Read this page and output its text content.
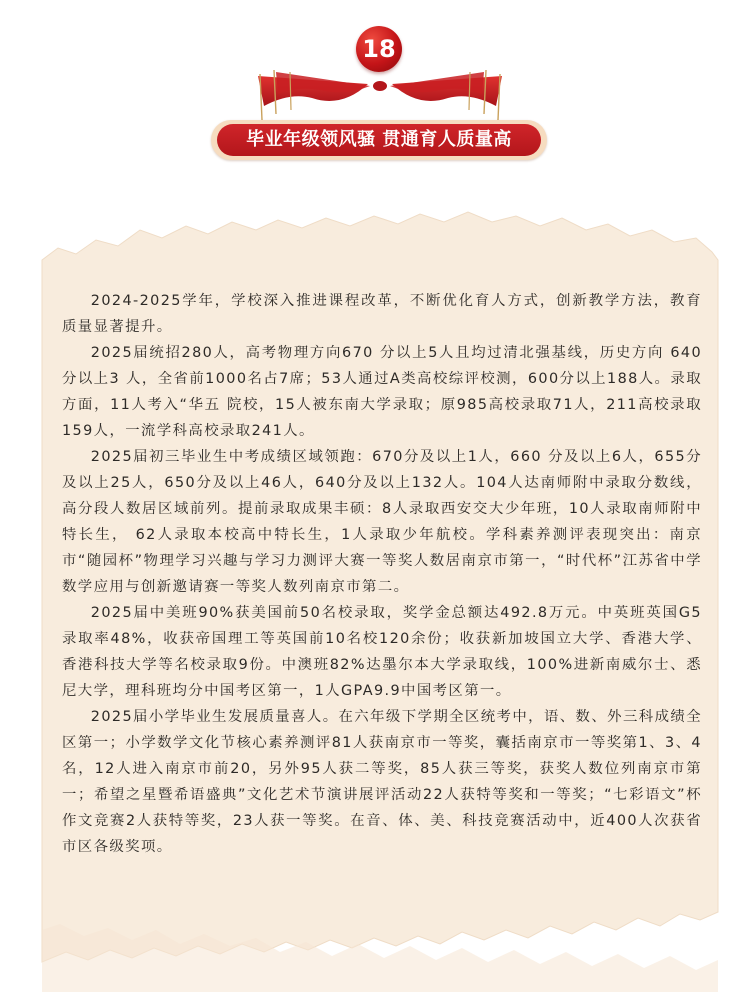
18
毕业年级领风骚 贯通育人质量高

2024-2025学年，学校深入推进课程改革，不断优化育人方式，创新教学方法，教育质量显著提升。

2025届统招280人，高考物理方向670 分以上5人且均过清北强基线，历史方向 640分以上3 人，全省前1000名占7席；53人通过A类高校综评校测，600分以上188人。录取方面，11人考入“华五 院校，15人被东南大学录取；原985高校录取71人，211高校录取159人，一流学科高校录取241人。

2025届初三毕业生中考成绩区域领跑：670分及以上1人，660 分及以上6人，655分及以上25人，650分及以上46人，640分及以上132人。104人达南师附中录取分数线，高分段人数居区域前列。提前录取成果丰硕：8人录取西安交大少年班，10人录取南师附中特长生， 62人录取本校高中特长生，1人录取少年航校。学科素养测评表现突出：南京市“随园杯”物理学习兴趣与学习力测评大赛一等奖人数居南京市第一，“时代杯”江苏省中学数学应用与创新邀请赛一等奖人数列南京市第二。

2025届中美班90%获美国前50名校录取，奖学金总额达492.8万元。中英班英国G5录取率48%，收获帝国理工等英国前10名校120余份；收获新加坡国立大学、香港大学、香港科技大学等名校录取9份。中澳班82%达墨尔本大学录取线，100%进新南威尔士、悉尼大学，理科班均分中国考区第一，1人GPA9.9中国考区第一。

2025届小学毕业生发展质量喜人。在六年级下学期全区统考中，语、数、外三科成绩全区第一；小学数学文化节核心素养测评81人获南京市一等奖，囊括南京市一等奖第1、3、4名，12人进入南京市前20，另外95人获二等奖，85人获三等奖，获奖人数位列南京市第一；希望之星暨希语盛典”文化艺术节演讲展评活动22人获特等奖和一等奖；“七彩语文”杯作文竞赛2人获特等奖，23人获一等奖。在音、体、美、科技竞赛活动中，近400人次获省市区各级奖项。
